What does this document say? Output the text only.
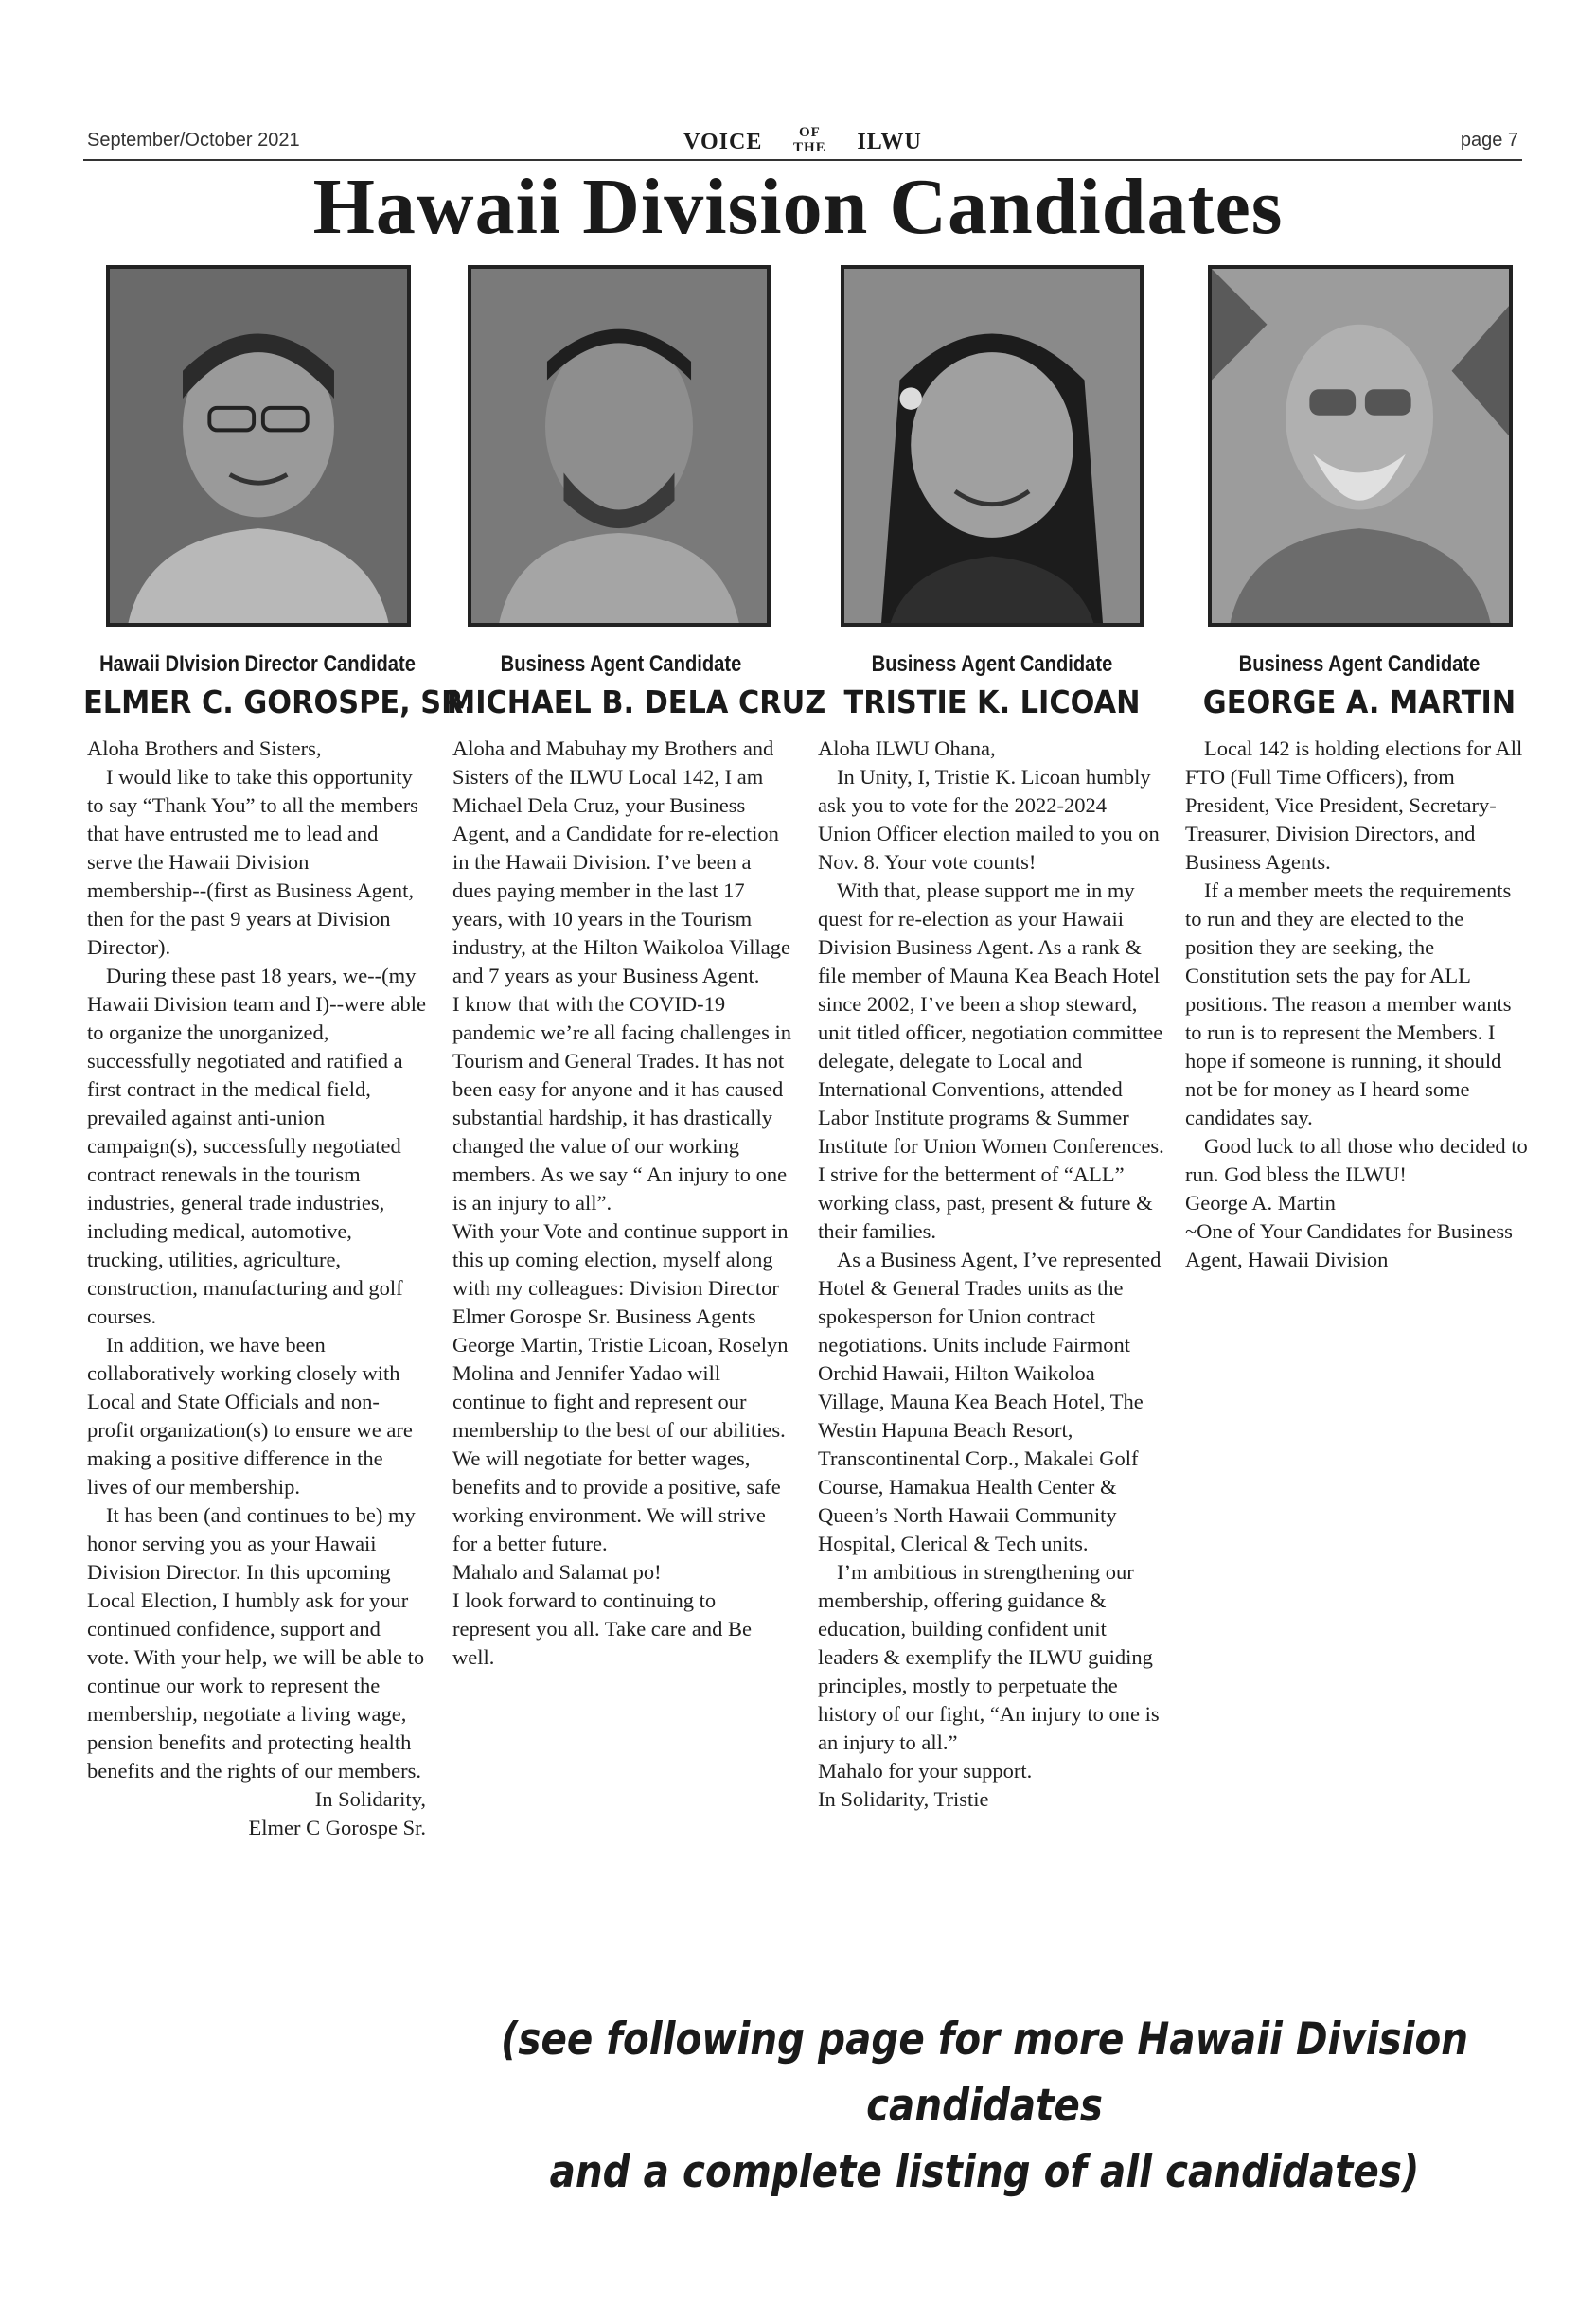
September/October 2021	VOICE	OF
THE ILWU	page 7
Hawaii Division Candidates
Hawaii DIvision Director Candidate
ELMER C. GOROSPE, SR.
Business Agent Candidate
MICHAEL B. DELA CRUZ
Business Agent Candidate
TRISTIE K. LICOAN
Business Agent Candidate
GEORGE A. MARTIN

Aloha Brothers and Sisters,

I would like to take this opportunity to say “Thank You” to all the members that have entrusted me to lead and serve the Hawaii Division membership--(first as Business Agent, then for the past 9 years at Division Director).

During these past 18 years, we--(my Hawaii Division team and I)--were able to organize the unorganized, successfully negotiated and ratified a first contract in the medical field, prevailed against anti-union campaign(s), successfully negotiated contract renewals in the tourism industries, general trade industries, including medical, automotive, trucking, utilities, agriculture, construction, manufacturing and golf courses.

In addition, we have been collaboratively working closely with Local and State Officials and non-profit organization(s) to ensure we are making a positive difference in the lives of our membership.

It has been (and continues to be) my honor serving you as your Hawaii Division Director. In this upcoming Local Election, I humbly ask for your continued confidence, support and vote. With your help, we will be able to continue our work to represent the membership, negotiate a living wage, pension benefits and protecting health benefits and the rights of our members.

In Solidarity,

Elmer C Gorospe Sr.

Aloha and Mabuhay my Brothers and Sisters of the ILWU Local 142, I am Michael Dela Cruz, your Business Agent, and a Candidate for re-election in the Hawaii Division. I’ve been a dues paying member in the last 17 years, with 10 years in the Tourism industry, at the Hilton Waikoloa Village and 7 years as your Business Agent.

I know that with the COVID-19 pandemic we’re all facing challenges in Tourism and General Trades. It has not been easy for anyone and it has caused substantial hardship, it has drastically changed the value of our working members. As we say “ An injury to one is an injury to all”.

With your Vote and continue support in this up coming election, myself along with my colleagues: Division Director Elmer Gorospe Sr. Business Agents George Martin, Tristie Licoan, Roselyn Molina and Jennifer Yadao will continue to fight and represent our membership to the best of our abilities. We will negotiate for better wages, benefits and to provide a positive, safe working environment. We will strive for a better future.

Mahalo and Salamat po!

I look forward to continuing to represent you all. Take care and Be well.

Aloha ILWU Ohana,

In Unity, I, Tristie K. Licoan humbly ask you to vote for the 2022-2024 Union Officer election mailed to you on Nov. 8. Your vote counts!

With that, please support me in my quest for re-election as your Hawaii Division Business Agent. As a rank & file member of Mauna Kea Beach Hotel since 2002, I’ve been a shop steward, unit titled officer, negotiation committee delegate, delegate to Local and International Conventions, attended Labor Institute programs & Summer Institute for Union Women Conferences. I strive for the betterment of “ALL” working class, past, present & future & their families.

As a Business Agent, I’ve represented Hotel & General Trades units as the spokesperson for Union contract negotiations. Units include Fairmont Orchid Hawaii, Hilton Waikoloa Village, Mauna Kea Beach Hotel, The Westin Hapuna Beach Resort, Transcontinental Corp., Makalei Golf Course, Hamakua Health Center & Queen’s North Hawaii Community Hospital, Clerical & Tech units.

I’m ambitious in strengthening our membership, offering guidance & education, building confident unit leaders & exemplify the ILWU guiding principles, mostly to perpetuate the history of our fight, “An injury to one is an injury to all.”

Mahalo for your support.

In Solidarity, Tristie

Local 142 is holding elections for All FTO (Full Time Officers), from President, Vice President, Secretary-Treasurer, Division Directors, and Business Agents.

If a member meets the requirements to run and they are elected to the position they are seeking, the Constitution sets the pay for ALL positions. The reason a member wants to run is to represent the Members. I hope if someone is running, it should not be for money as I heard some candidates say.

Good luck to all those who decided to run. God bless the ILWU!

George A. Martin

~One of Your Candidates for Business Agent, Hawaii Division

(see following page for more Hawaii Division candidates
and a complete listing of all candidates)
